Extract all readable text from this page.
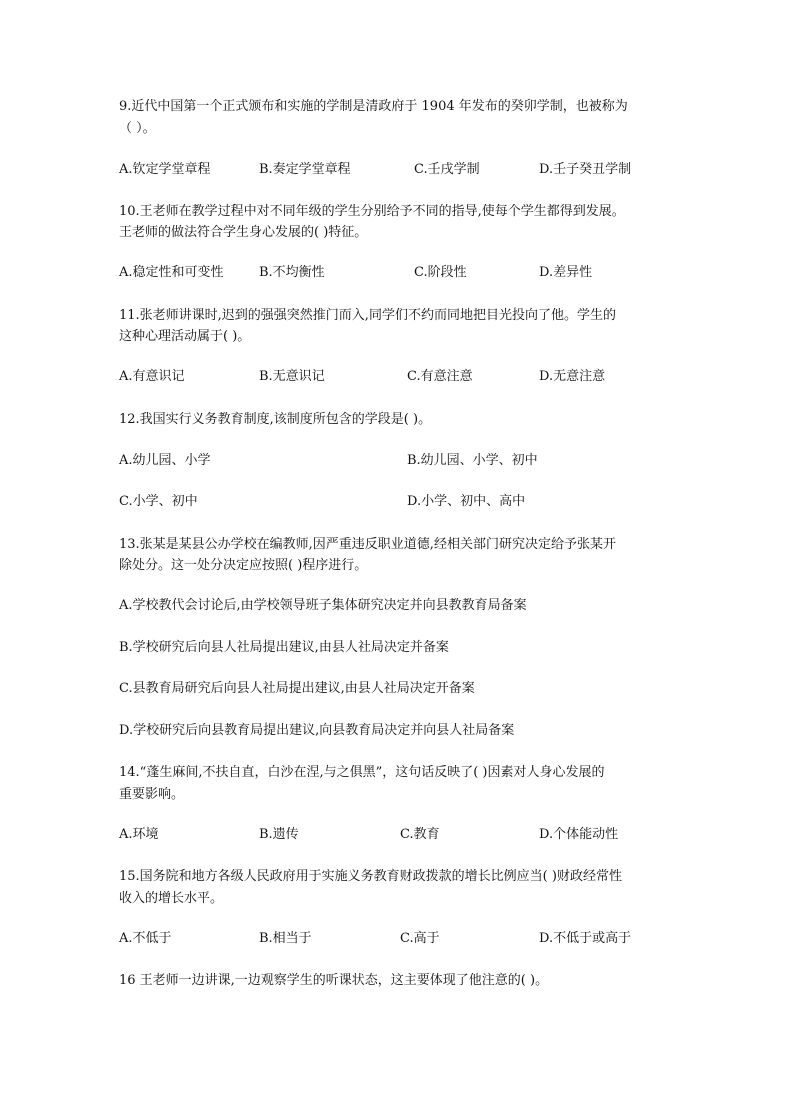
9.近代中国第一个正式颁布和实施的学制是清政府于 1904 年发布的癸卯学制，也被称为

（ ）。

A.钦定学堂章程	B.奏定学堂章程	C.壬戌学制	D.壬子癸丑学制

10.王老师在教学过程中对不同年级的学生分别给予不同的指导,使每个学生都得到发展。

王老师的做法符合学生身心发展的( )特征。

A.稳定性和可变性	B.不均衡性	C.阶段性	D.差异性

11.张老师讲课时,迟到的强强突然推门而入,同学们不约而同地把目光投向了他。学生的

这种心理活动属于( )。

A.有意识记	B.无意识记	C.有意注意	D.无意注意

12.我国实行义务教育制度,该制度所包含的学段是( )。

A.幼儿园、小学	B.幼儿园、小学、初中

C.小学、初中	D.小学、初中、高中

13.张某是某县公办学校在编教师,因严重违反职业道德,经相关部门研究决定给予张某开

除处分。这一处分决定应按照( )程序进行。

A.学校教代会讨论后,由学校领导班子集体研究决定并向县教教育局备案

B.学校研究后向县人社局提出建议,由县人社局决定并备案

C.县教育局研究后向县人社局提出建议,由县人社局决定开备案

D.学校研究后向县教育局提出建议,向县教育局决定并向县人社局备案

14.“蓬生麻间,不扶自直，白沙在涅,与之俱黑”，这句话反映了( )因素对人身心发展的

重要影响。

A.环境	B.遗传	C.教育	D.个体能动性

15.国务院和地方各级人民政府用于实施义务教育财政拨款的增长比例应当( )财政经常性

收入的增长水平。

A.不低于	B.相当于	C.高于	D.不低于或高于

16 王老师一边讲课,一边观察学生的听课状态，这主要体现了他注意的( )。
